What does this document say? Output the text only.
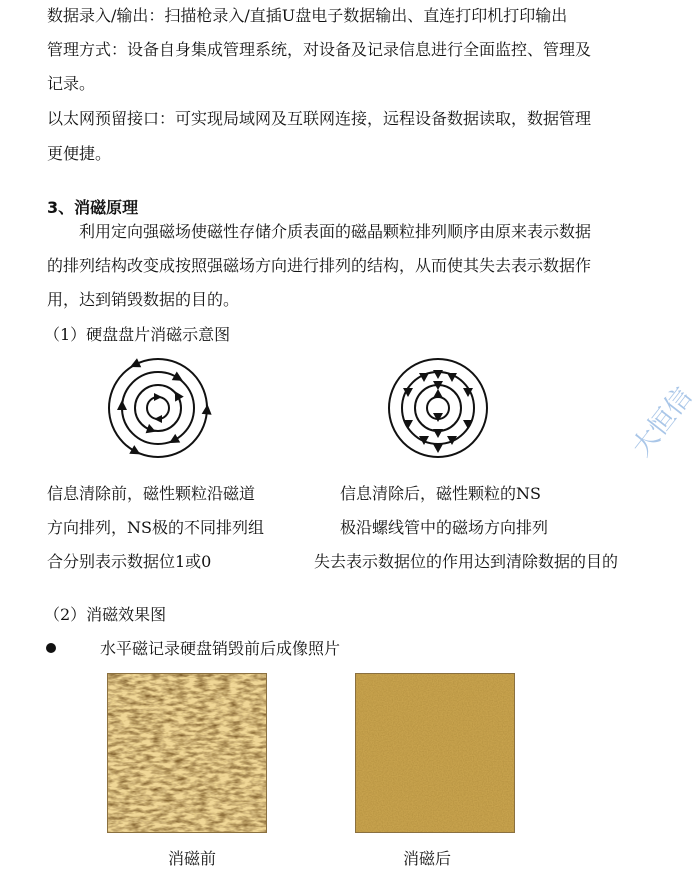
数据录入/输出：扫描枪录入/直插U盘电子数据输出、直连打印机打印输出
管理方式：设备自身集成管理系统，对设备及记录信息进行全面监控、管理及
记录。
以太网预留接口：可实现局域网及互联网连接，远程设备数据读取，数据管理
更便捷。
3、消磁原理
利用定向强磁场使磁性存储介质表面的磁晶颗粒排列顺序由原来表示数据
的排列结构改变成按照强磁场方向进行排列的结构，从而使其失去表示数据作
用，达到销毁数据的目的。
（1）硬盘盘片消磁示意图
大恒信
信息清除前，磁性颗粒沿磁道
方向排列，NS极的不同排列组
合分别表示数据位1或0
信息清除后，磁性颗粒的NS
极沿螺线管中的磁场方向排列
失去表示数据位的作用达到清除数据的目的
（2）消磁效果图
水平磁记录硬盘销毁前后成像照片
消磁前	消磁后
